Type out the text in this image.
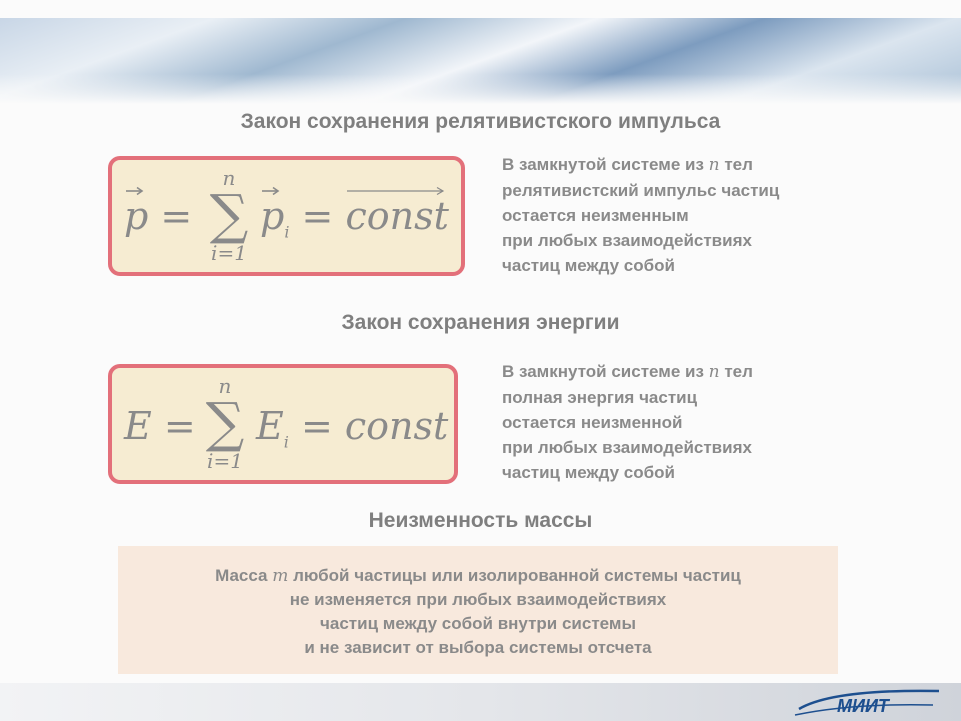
Закон сохранения релятивистского импульса
p =
n
∑
i=1
$p_i$ =
const

В замкнутой системе из n тел

релятивистский импульс частиц

остается неизменным

при любых взаимодействиях

частиц между собой

Закон сохранения энергии
E =
n
∑
i=1
$E_i$ = const

В замкнутой системе из n тел

полная энергия частиц

остается неизменной

при любых взаимодействиях

частиц между собой

Неизменность массы

Масса m любой частицы или изолированной системы частиц

не изменяется при любых взаимодействиях

частиц между собой внутри системы

и не зависит от выбора системы отсчета

МИИТ
